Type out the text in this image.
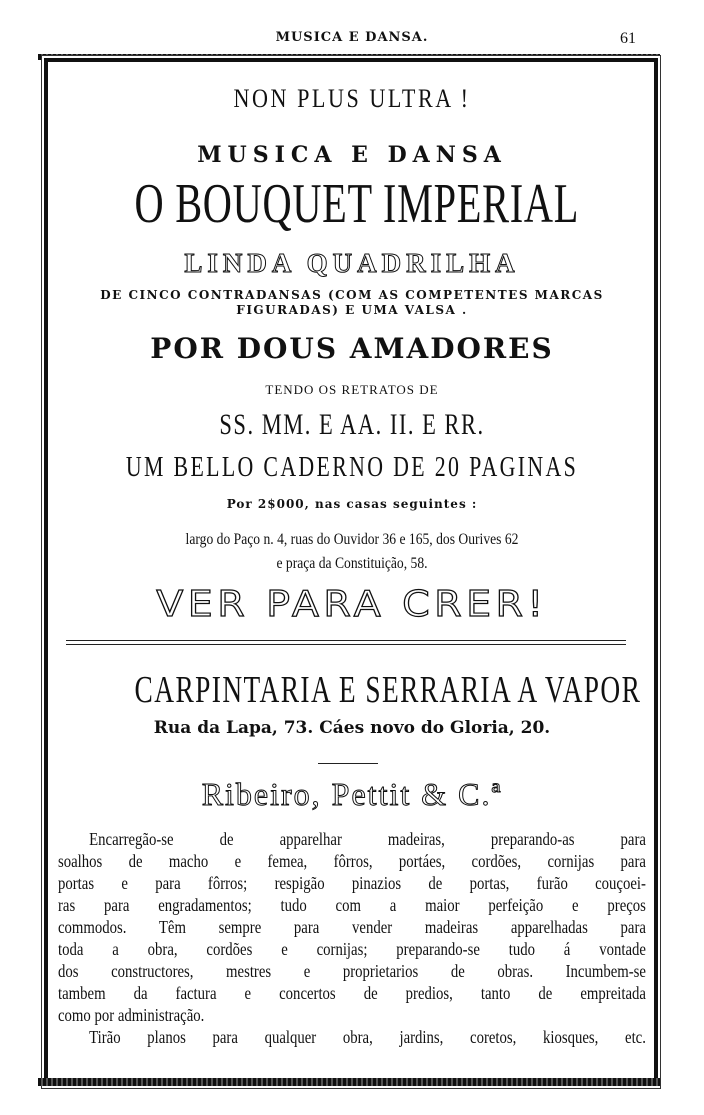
MUSICA E DANSA.	61
NON PLUS ULTRA !
MUSICA E DANSA
O BOUQUET IMPERIAL
LINDA QUADRILHA
DE CINCO CONTRADANSAS (COM AS COMPETENTES MARCAS
FIGURADAS) E UMA VALSA .
POR DOUS AMADORES
TENDO OS RETRATOS DE
SS. MM. E AA. II. E RR.
UM BELLO CADERNO DE 20 PAGINAS
Por 2$000, nas casas seguintes :
largo do Paço n. 4, ruas do Ouvidor 36 e 165, dos Ourives 62
e praça da Constituição, 58.
VER PARA CRER!
CARPINTARIA E SERRARIA A VAPOR
Rua da Lapa, 73. Cáes novo do Gloria, 20.
Ribeiro, Pettit & C.ª
Encarregão-se de apparelhar madeiras, preparando-as para
soalhos de macho e femea, fôrros, portáes, cordões, cornijas para
portas e para fôrros; respigão pinazios de portas, furão couçoei-
ras para engradamentos; tudo com a maior perfeição e preços
commodos. Têm sempre para vender madeiras apparelhadas para
toda a obra, cordões e cornijas; preparando-se tudo á vontade
dos constructores, mestres e proprietarios de obras. Incumbem-se
tambem da factura e concertos de predios, tanto de empreitada
como por administração.
Tirão planos para qualquer obra, jardins, coretos, kiosques, etc.
